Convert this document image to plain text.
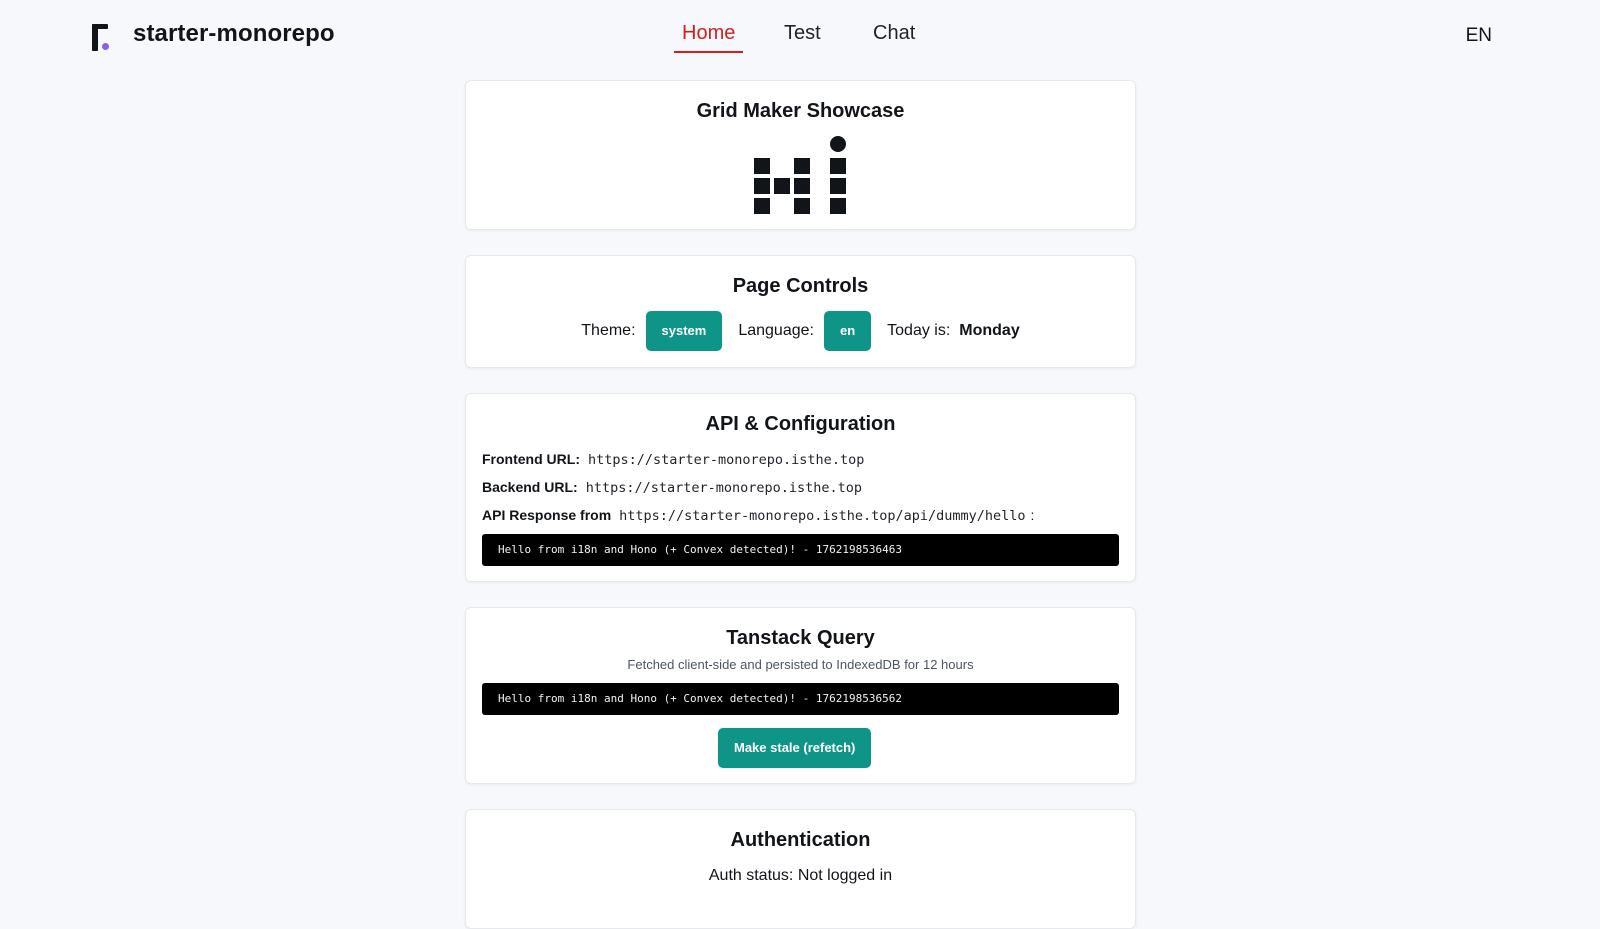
starter-monorepo	Home Test	Chat	EN
Grid Maker Showcase
Page Controls
Theme:	system	Language:	en	Today is: Monday
API & Configuration
Frontend URL: https://starter-monorepo.isthe.top
Backend URL: https://starter-monorepo.isthe.top
API Response from https://starter-monorepo.isthe.top/api/dummy/hello :
Hello from i18n and Hono (+ Convex detected)! - 1762198536463
Tanstack Query
Fetched client-side and persisted to IndexedDB for 12 hours
Hello from i18n and Hono (+ Convex detected)! - 1762198536562
Make stale (refetch)
Authentication
Auth status: Not logged in
